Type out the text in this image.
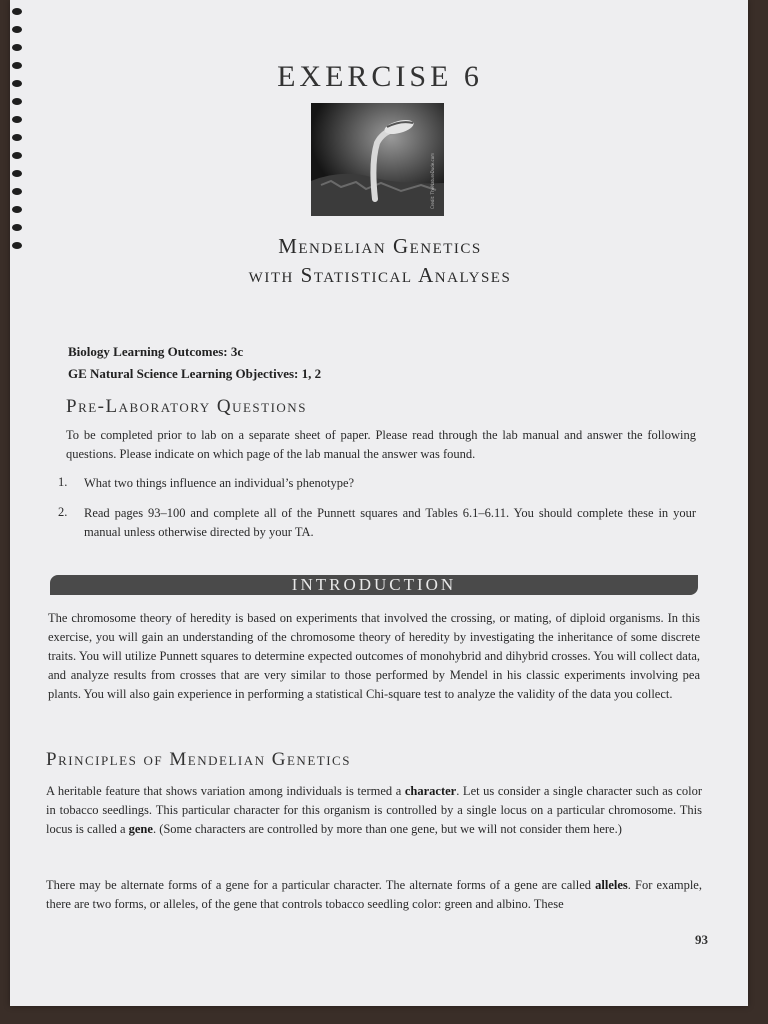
EXERCISE 6
Credit: TheNatureDude.com
Mendelian Genetics
with Statistical Analyses
Biology Learning Outcomes: 3c
GE Natural Science Learning Objectives: 1, 2
Pre-Laboratory Questions
To be completed prior to lab on a separate sheet of paper. Please read through the lab manual and answer the following questions. Please indicate on which page of the lab manual the answer was found.
1. What two things influence an individual’s phenotype?
2. Read pages 93–100 and complete all of the Punnett squares and Tables 6.1–6.11. You should complete these in your manual unless otherwise directed by your TA.
INTRODUCTION
The chromosome theory of heredity is based on experiments that involved the crossing, or mating, of diploid organisms. In this exercise, you will gain an understanding of the chromosome theory of heredity by investigating the inheritance of some discrete traits. You will utilize Punnett squares to determine expected outcomes of monohybrid and dihybrid crosses. You will collect data, and analyze results from crosses that are very similar to those performed by Mendel in his classic experiments involving pea plants. You will also gain experience in performing a statistical Chi-square test to analyze the validity of the data you collect.
Principles of Mendelian Genetics
A heritable feature that shows variation among individuals is termed a character. Let us consider a single character such as color in tobacco seedlings. This particular character for this organism is controlled by a single locus on a particular chromosome. This locus is called a gene. (Some characters are controlled by more than one gene, but we will not consider them here.)
There may be alternate forms of a gene for a particular character. The alternate forms of a gene are called alleles. For example, there are two forms, or alleles, of the gene that controls tobacco seedling color: green and albino. These
93
